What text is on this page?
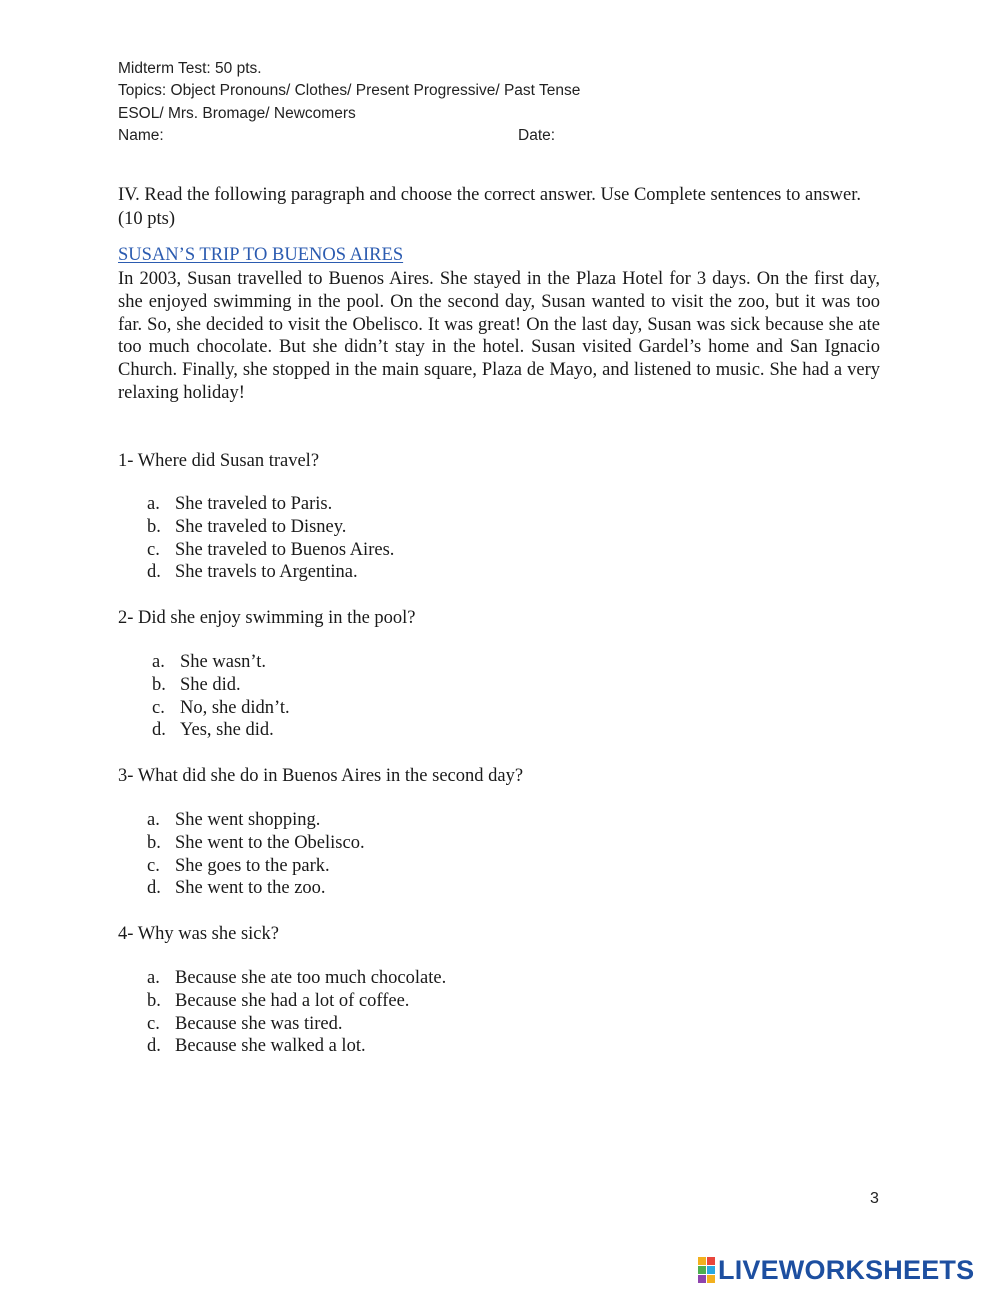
Midterm Test: 50 pts.
Topics: Object Pronouns/ Clothes/ Present Progressive/ Past Tense
ESOL/ Mrs. Bromage/ Newcomers
Name:	Date:
IV. Read the following paragraph and choose the correct answer. Use Complete sentences to answer. (10 pts)
SUSAN’S TRIP TO BUENOS AIRES
In 2003, Susan travelled to Buenos Aires. She stayed in the Plaza Hotel for 3 days. On the first day, she enjoyed swimming in the pool. On the second day, Susan wanted to visit the zoo, but it was too far. So, she decided to visit the Obelisco. It was great! On the last day, Susan was sick because she ate too much chocolate. But she didn’t stay in the hotel. Susan visited Gardel’s home and San Ignacio Church. Finally, she stopped in the main square, Plaza de Mayo, and listened to music. She had a very relaxing holiday!
1- Where did Susan travel?
a. She traveled to Paris.
b. She traveled to Disney.
c. She traveled to Buenos Aires.
d. She travels to Argentina.
2- Did she enjoy swimming in the pool?
a. She wasn’t.
b. She did.
c. No, she didn’t.
d. Yes, she did.
3- What did she do in Buenos Aires in the second day?
a. She went shopping.
b. She went to the Obelisco.
c. She goes to the park.
d. She went to the zoo.
4- Why was she sick?
a. Because she ate too much chocolate.
b. Because she had a lot of coffee.
c. Because she was tired.
d. Because she walked a lot.
3
LIVEWORKSHEETS
